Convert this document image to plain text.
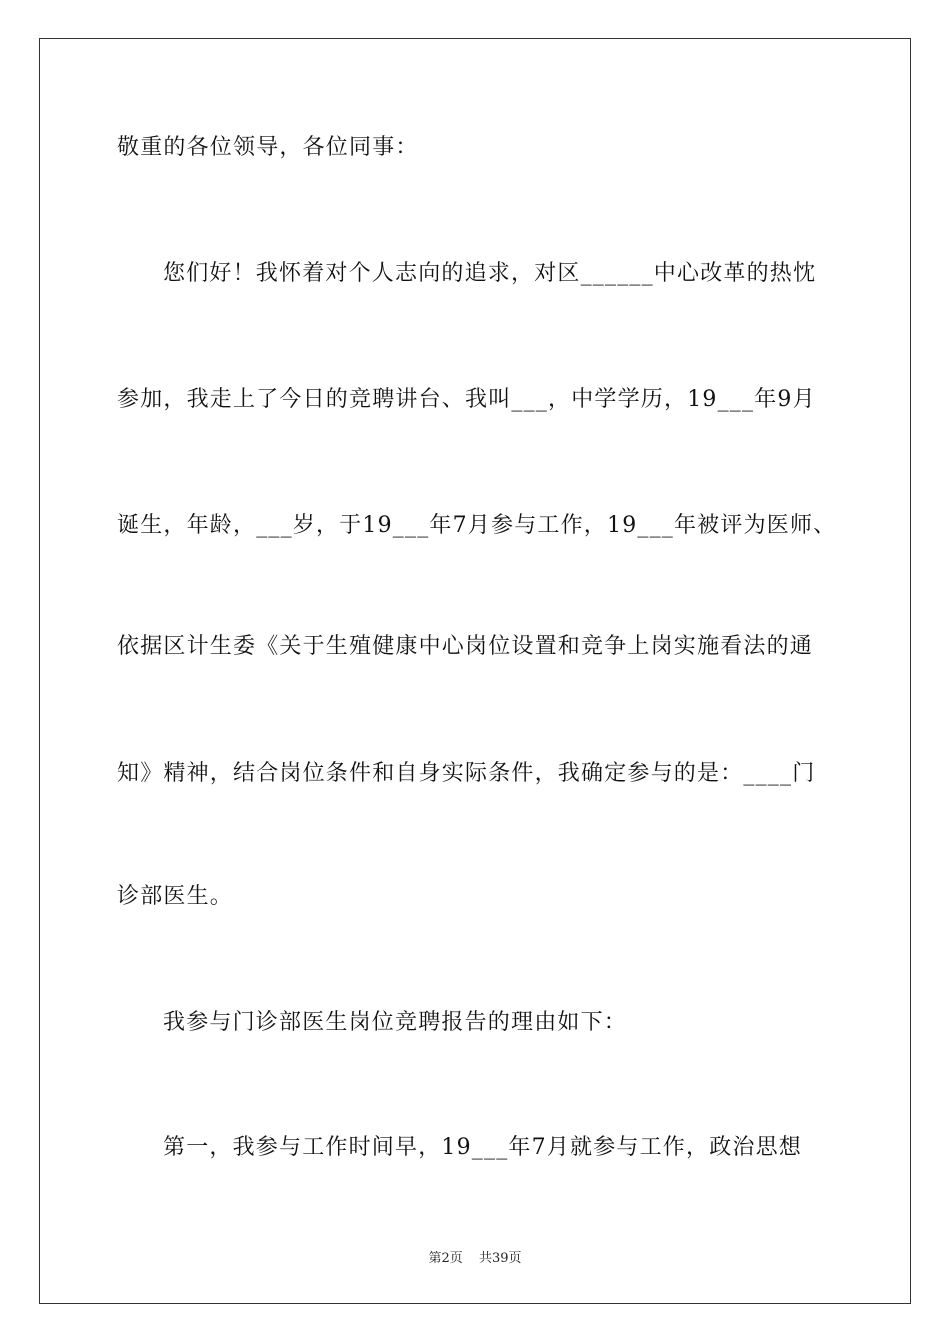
敬重的各位领导，各位同事：
您们好！我怀着对个人志向的追求，对区______中心改革的热忱
参加，我走上了今日的竞聘讲台、我叫___，中学学历，19___年9月
诞生，年龄，___岁，于19___年7月参与工作，19___年被评为医师、
依据区计生委《关于生殖健康中心岗位设置和竞争上岗实施看法的通
知》精神，结合岗位条件和自身实际条件，我确定参与的是：____门
诊部医生。
我参与门诊部医生岗位竞聘报告的理由如下：
第一，我参与工作时间早，19___年7月就参与工作，政治思想
第2页 共39页
